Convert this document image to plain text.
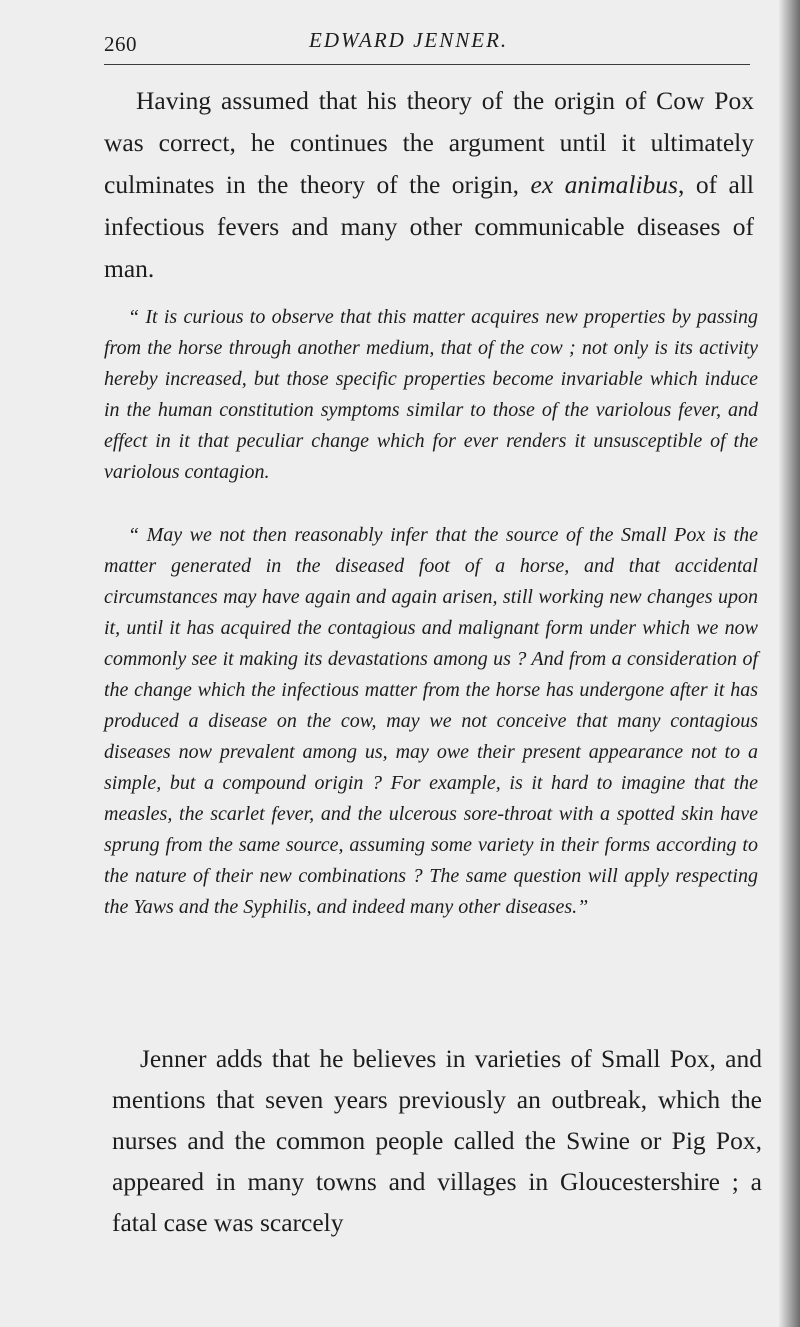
260	EDWARD JENNER.

Having assumed that his theory of the origin of Cow Pox was correct, he continues the argument until it ultimately culminates in the theory of the origin, ex animalibus, of all infectious fevers and many other communicable diseases of man.

“ It is curious to observe that this matter acquires new properties by passing from the horse through another medium, that of the cow ; not only is its activity hereby increased, but those specific properties become invariable which induce in the human constitution symptoms similar to those of the variolous fever, and effect in it that peculiar change which for ever renders it unsusceptible of the variolous contagion.

“ May we not then reasonably infer that the source of the Small Pox is the matter generated in the diseased foot of a horse, and that accidental circumstances may have again and again arisen, still working new changes upon it, until it has acquired the contagious and malignant form under which we now commonly see it making its devastations among us ? And from a consideration of the change which the infectious matter from the horse has undergone after it has produced a disease on the cow, may we not conceive that many contagious diseases now prevalent among us, may owe their present appearance not to a simple, but a compound origin ? For example, is it hard to imagine that the measles, the scarlet fever, and the ulcerous sore-throat with a spotted skin have sprung from the same source, assuming some variety in their forms according to the nature of their new combinations ? The same question will apply respecting the Yaws and the Syphilis, and indeed many other diseases.”

Jenner adds that he believes in varieties of Small Pox, and mentions that seven years previously an outbreak, which the nurses and the common people called the Swine or Pig Pox, appeared in many towns and villages in Gloucestershire ; a fatal case was scarcely
